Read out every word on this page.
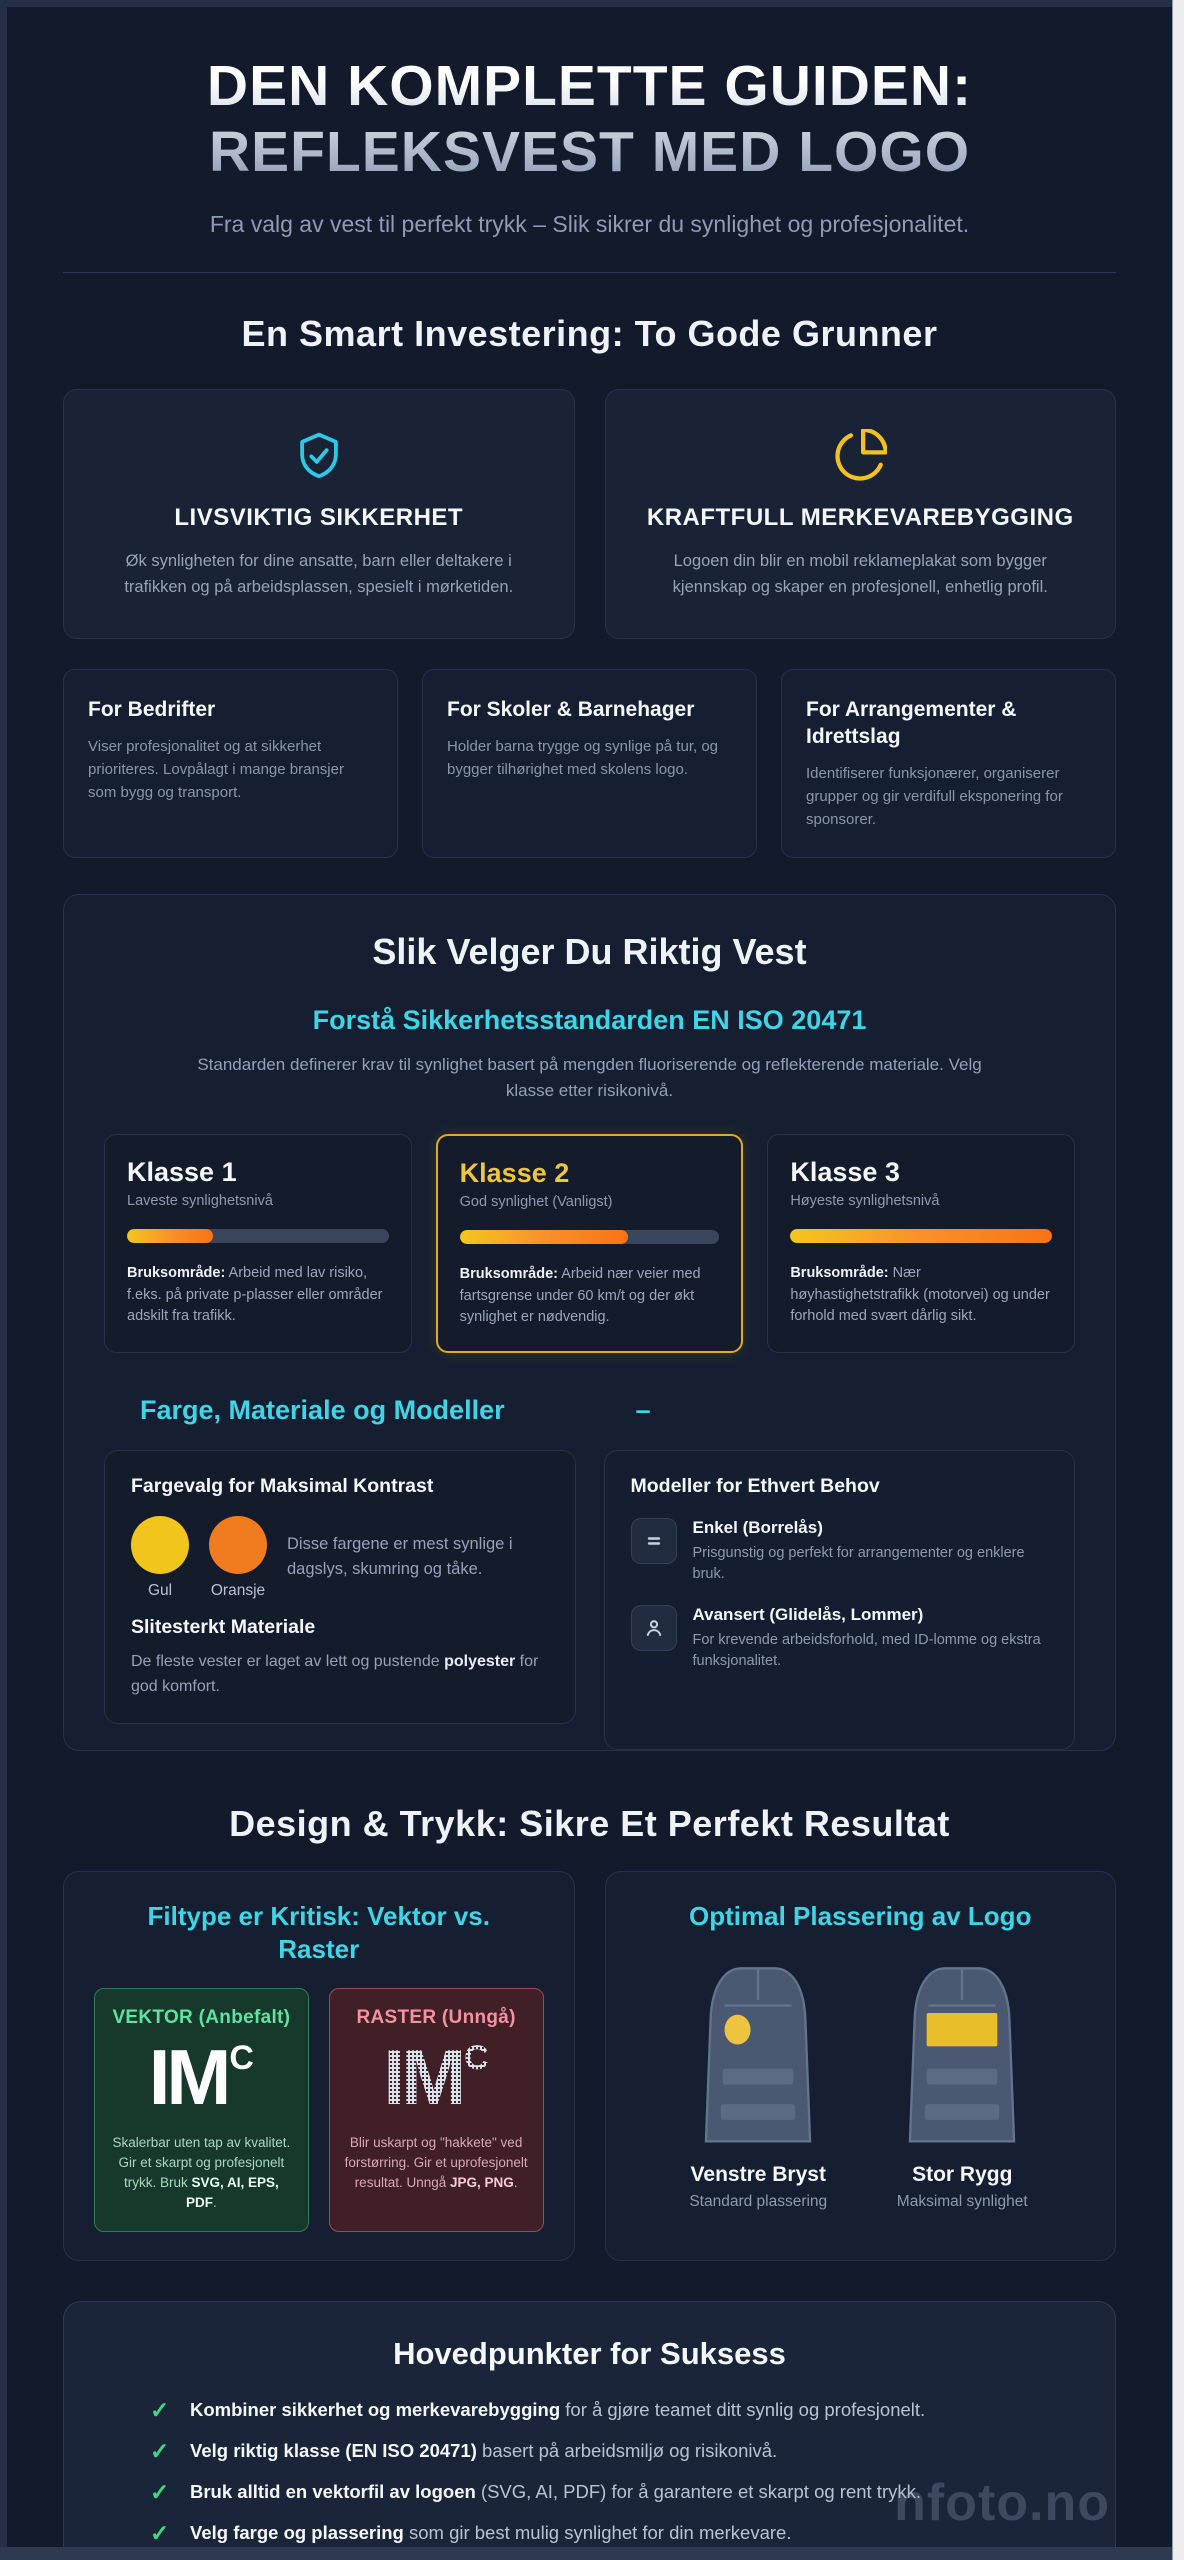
DEN KOMPLETTE GUIDEN:
REFLEKSVEST MED LOGO

Fra valg av vest til perfekt trykk – Slik sikrer du synlighet og profesjonalitet.

En Smart Investering: To Gode Grunner
LIVSVIKTIG SIKKERHET

Øk synligheten for dine ansatte, barn eller deltakere i trafikken og på arbeidsplassen, spesielt i mørketiden.

KRAFTFULL MERKEVAREBYGGING

Logoen din blir en mobil reklameplakat som bygger kjennskap og skaper en profesjonell, enhetlig profil.

For Bedrifter

Viser profesjonalitet og at sikkerhet prioriteres. Lovpålagt i mange bransjer som bygg og transport.

For Skoler & Barnehager

Holder barna trygge og synlige på tur, og bygger tilhørighet med skolens logo.

For Arrangementer & Idrettslag

Identifiserer funksjonærer, organiserer grupper og gir verdifull eksponering for sponsorer.

Slik Velger Du Riktig Vest
Forstå Sikkerhetsstandarden EN ISO 20471

Standarden definerer krav til synlighet basert på mengden fluoriserende og reflekterende materiale. Velg klasse etter risikonivå.

Klasse 1
Laveste synlighetsnivå

Bruksområde: Arbeid med lav risiko, f.eks. på private p-plasser eller områder adskilt fra trafikk.

Klasse 2
God synlighet (Vanligst)

Bruksområde: Arbeid nær veier med fartsgrense under 60 km/t og der økt synlighet er nødvendig.

Klasse 3
Høyeste synlighetsnivå

Bruksområde: Nær høyhastighetstrafikk (motorvei) og under forhold med svært dårlig sikt.

Farge, Materiale og Modeller	–
Fargevalg for Maksimal Kontrast
Gul	Oransje

Disse fargene er mest synlige i dagslys, skumring og tåke.

Slitesterkt Materiale

De fleste vester er laget av lett og pustende polyester for god komfort.

Modeller for Ethvert Behov
Enkel (Borrelås)

Prisgunstig og perfekt for arrangementer og enklere bruk.

Avansert (Glidelås, Lommer)

For krevende arbeidsforhold, med ID-lomme og ekstra funksjonalitet.

Design & Trykk: Sikre Et Perfekt Resultat
Filtype er Kritisk: Vektor vs. Raster
VEKTOR (Anbefalt)
IM C

Skalerbar uten tap av kvalitet. Gir et skarpt og profesjonelt trykk. Bruk SVG, AI, EPS, PDF.

RASTER (Unngå)
IM C

Blir uskarpt og "hakkete" ved forstørring. Gir et uprofesjonelt resultat. Unngå JPG, PNG.

Optimal Plassering av Logo
Venstre Bryst
Standard plassering
Stor Rygg
Maksimal synlighet
Hovedpunkter for Suksess
✓	Kombiner sikkerhet og merkevarebygging for å gjøre teamet ditt synlig og profesjonelt.

✓	Velg riktig klasse (EN ISO 20471) basert på arbeidsmiljø og risikonivå.

✓	Bruk alltid en vektorfil av logoen (SVG, AI, PDF) for å garantere et skarpt og rent trykk.

✓	Velg farge og plassering som gir best mulig synlighet for din merkevare. nfoto.no
